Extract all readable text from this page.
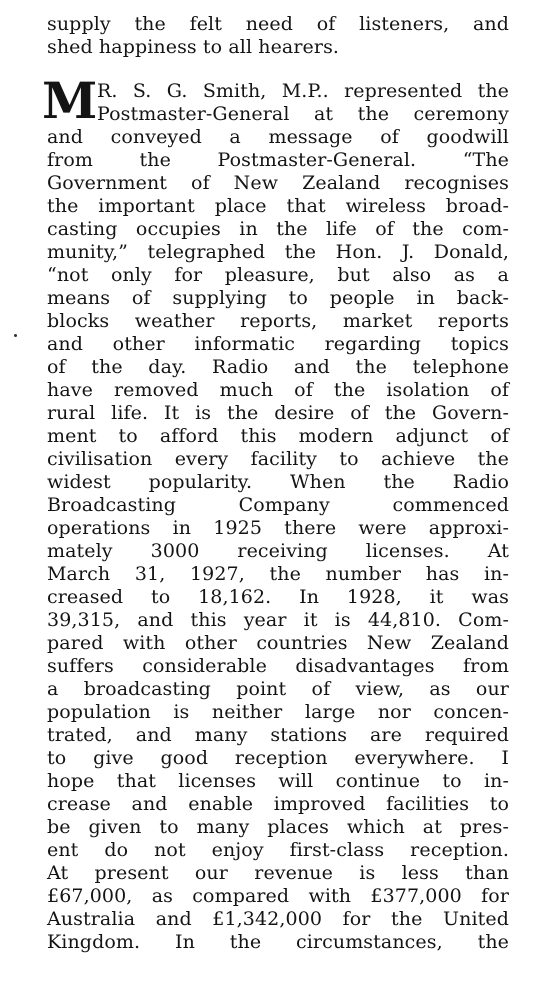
supply the felt need of listeners, and
shed happiness to all hearers.
M R. S. G. Smith, M.P.. represented the
Postmaster-General at the ceremony
and conveyed a message of goodwill
from the Postmaster-General. “The
Government of New Zealand recognises
the important place that wireless broad-
casting occupies in the life of the com-
munity,” telegraphed the Hon. J. Donald,
“not only for pleasure, but also as a
means of supplying to people in back-
blocks weather reports, market reports
and other informatic regarding topics
of the day. Radio and the telephone
have removed much of the isolation of
rural life. It is the desire of the Govern-
ment to afford this modern adjunct of
civilisation every facility to achieve the
widest popularity. When the Radio
Broadcasting Company commenced
operations in 1925 there were approxi-
mately 3000 receiving licenses. At
March 31, 1927, the number has in-
creased to 18,162. In 1928, it was
39,315, and this year it is 44,810. Com-
pared with other countries New Zealand
suffers considerable disadvantages from
a broadcasting point of view, as our
population is neither large nor concen-
trated, and many stations are required
to give good reception everywhere. I
hope that licenses will continue to in-
crease and enable improved facilities to
be given to many places which at pres-
ent do not enjoy first-class reception.
At present our revenue is less than
£67,000, as compared with £377,000 for
Australia and £1,342,000 for the United
Kingdom. In the circumstances, the
